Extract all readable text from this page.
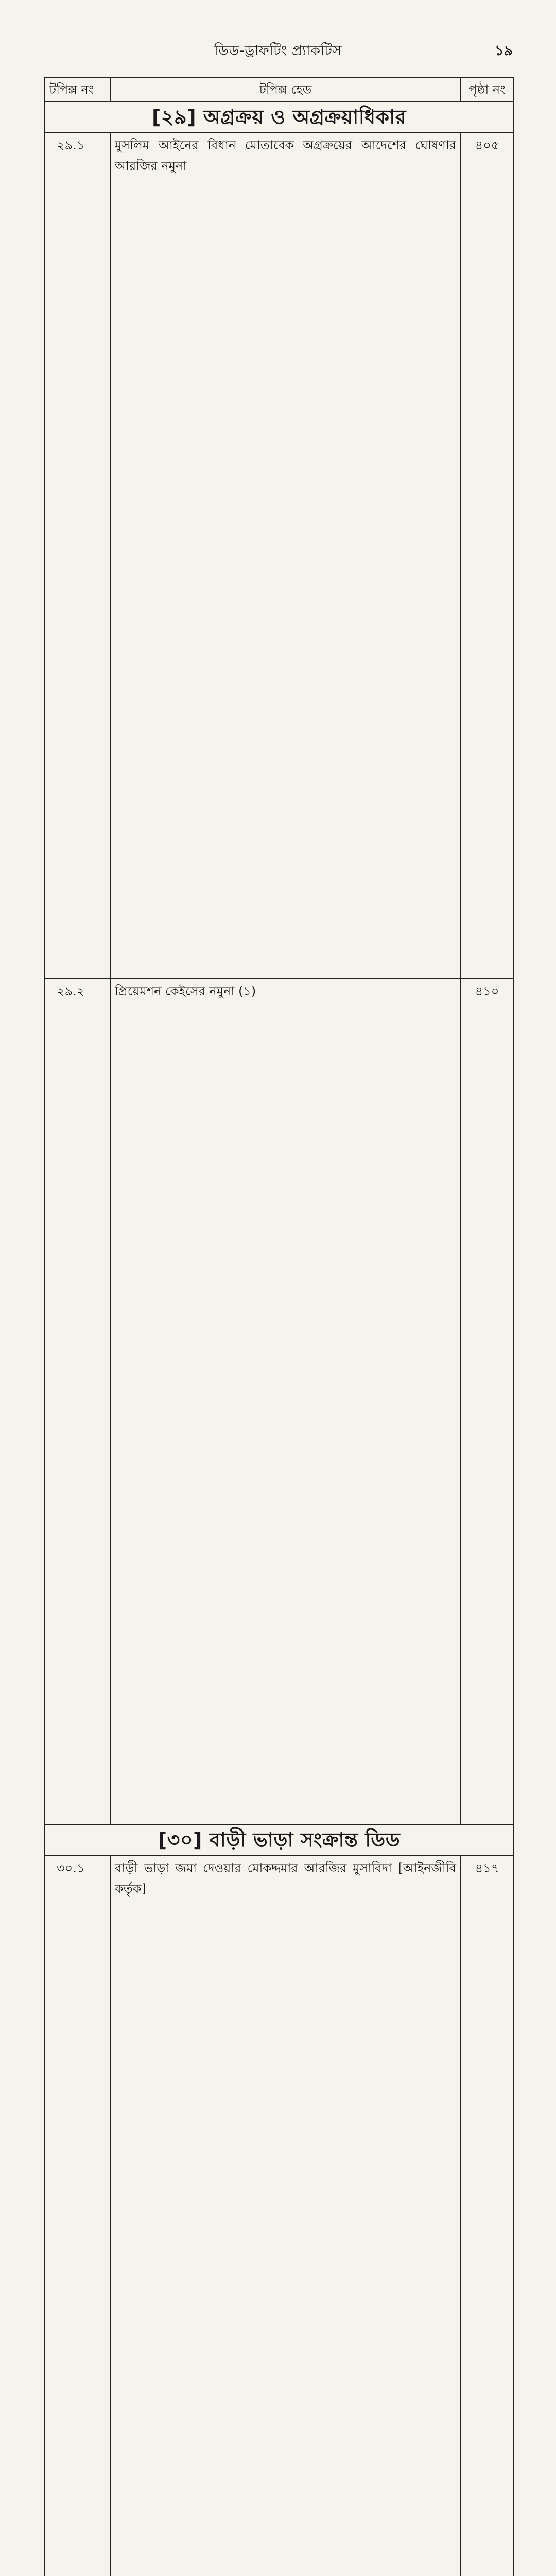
ডিড-ড্রাফটিং প্র্যাকটিস	১৯
টপিক্স নং	টপিক্স হেড	পৃষ্ঠা নং
[২৯] অগ্রক্রয় ও অগ্রক্রয়াধিকার		
২৯.১	মুসলিম আইনের বিধান মোতাবেক অগ্রক্রয়ের আদেশের ঘোষণার আরজির নমুনা	৪০৫
২৯.২	প্রিয়েমশন কেইসের নমুনা (১)	৪১০
[৩০] বাড়ী ভাড়া সংক্রান্ত ডিড		
৩০.১	বাড়ী ভাড়া জমা দেওয়ার মোকদ্দমার আরজির মুসাবিদা [আইনজীবি কর্তৃক]	৪১৭
